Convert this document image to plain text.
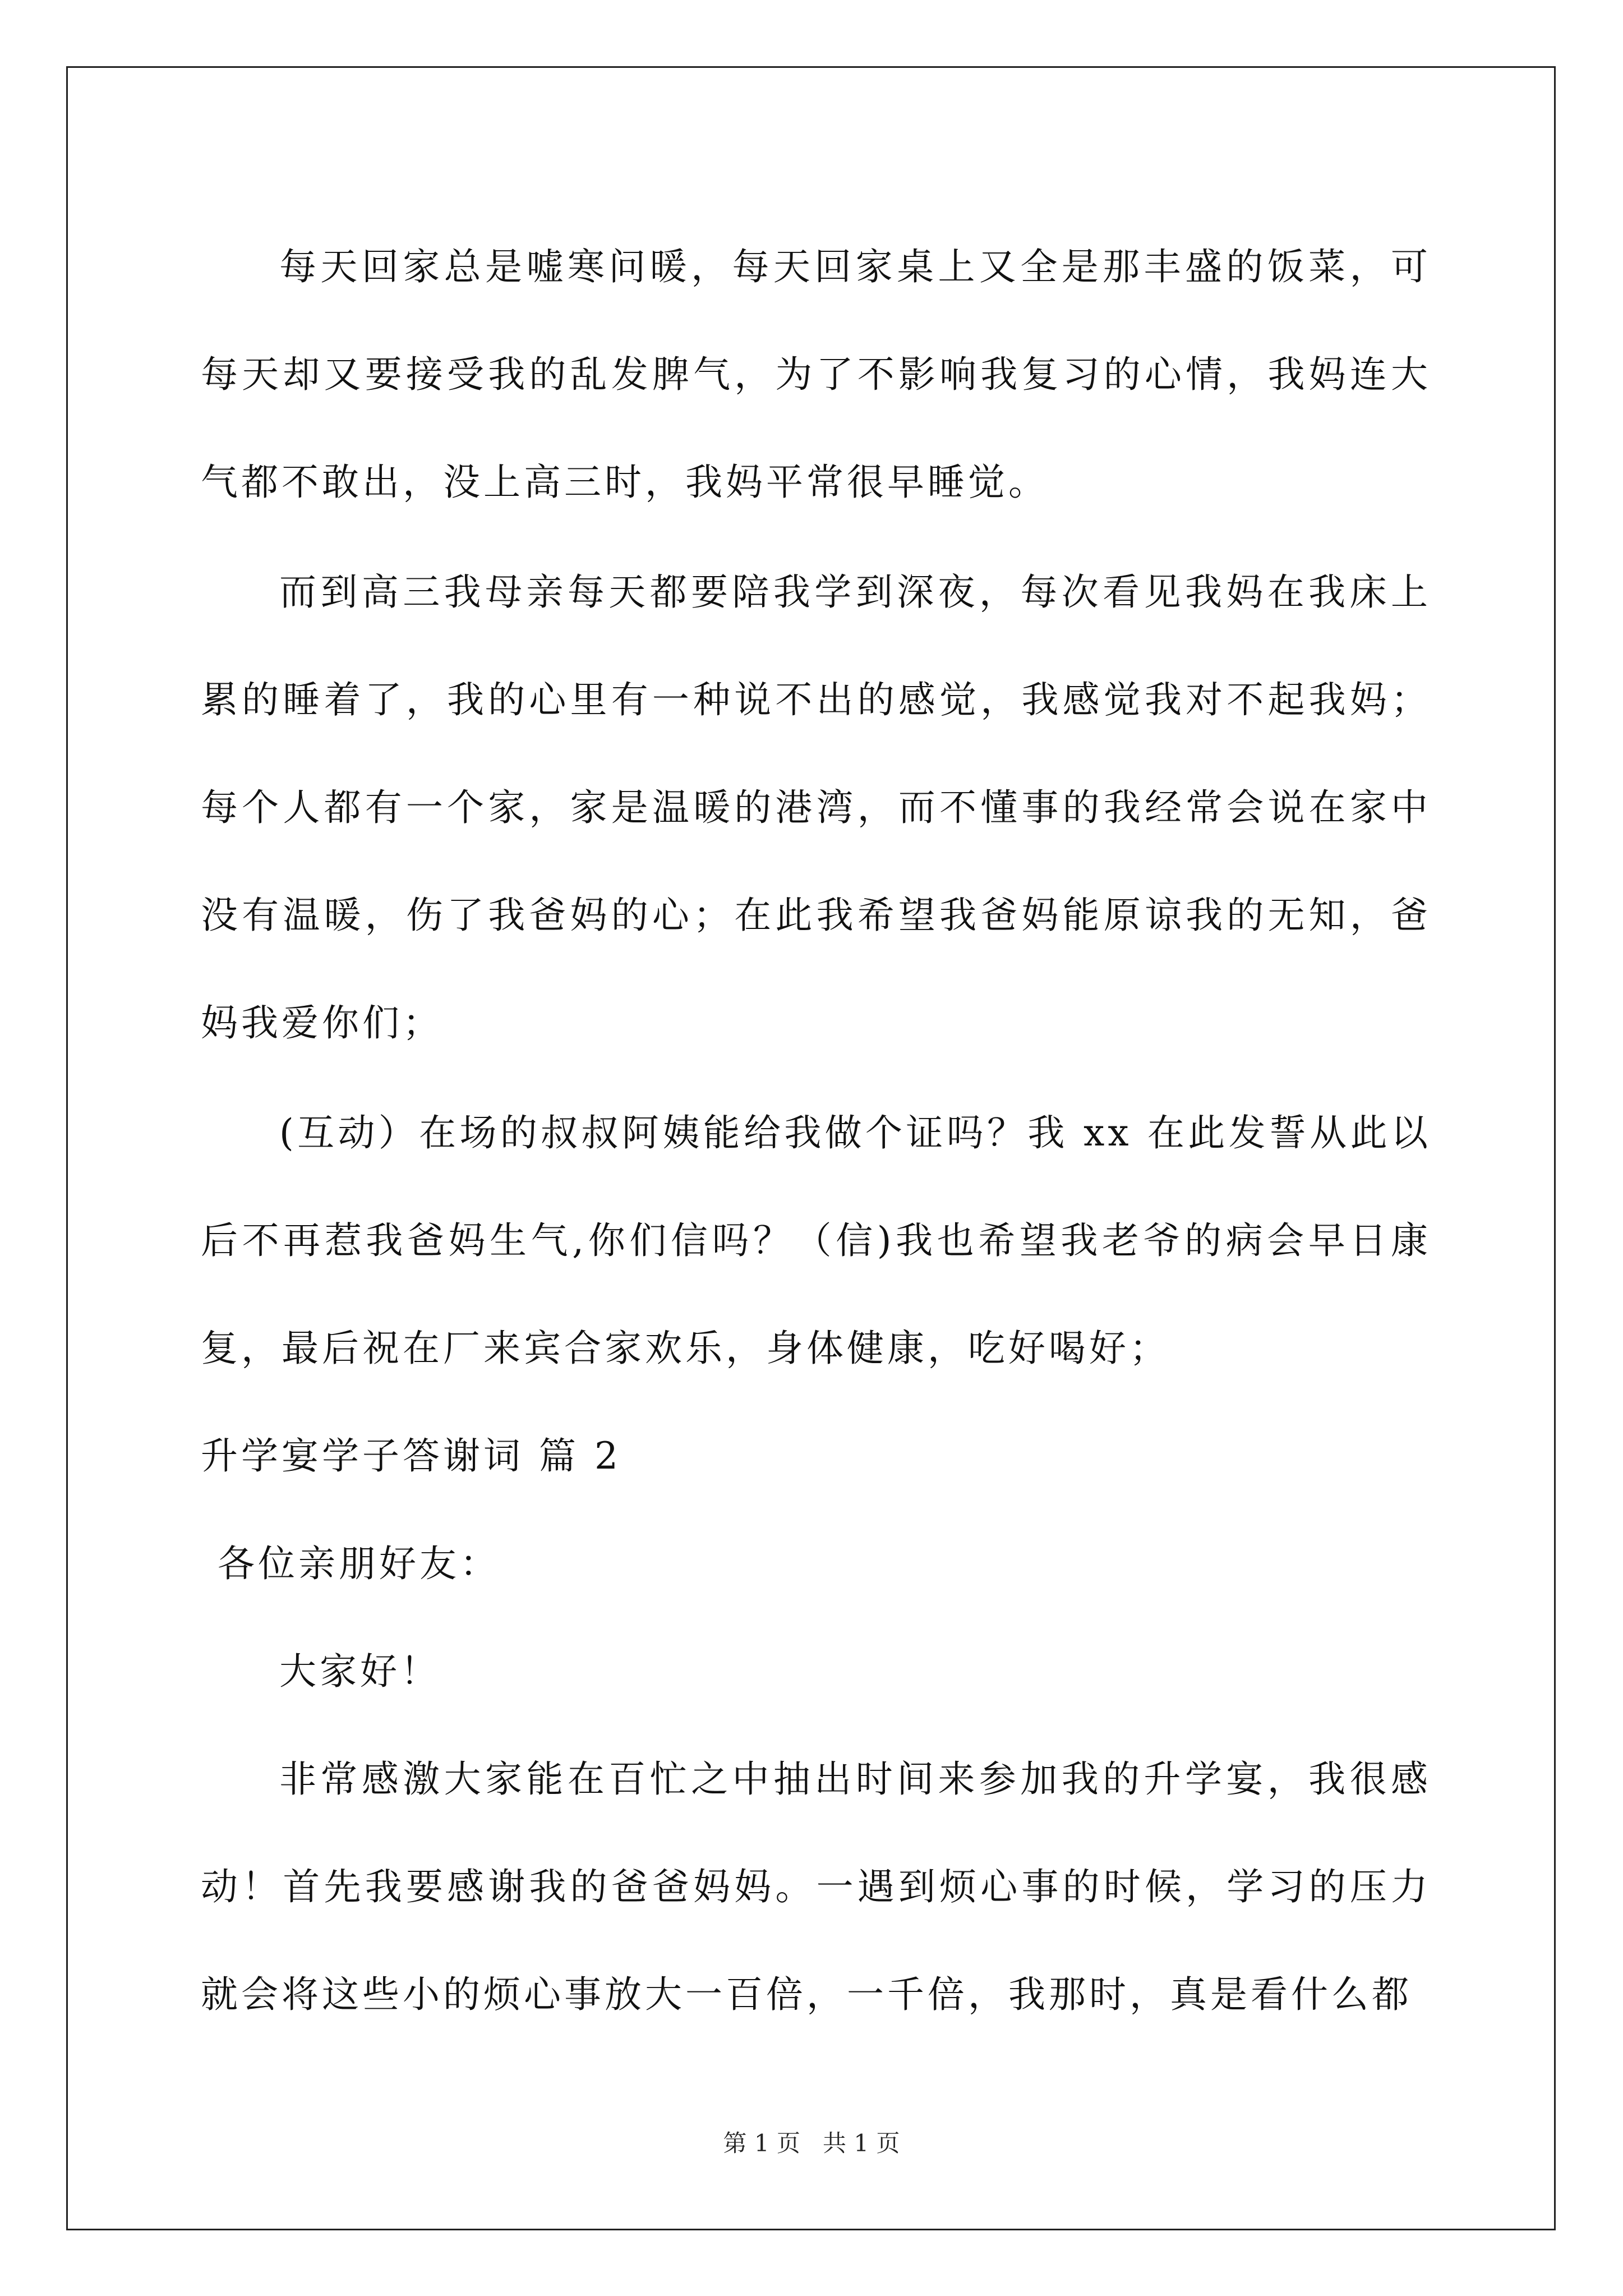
每天回家总是嘘寒问暖，每天回家桌上又全是那丰盛的饭菜，可每天却又要接受我的乱发脾气，为了不影响我复习的心情，我妈连大气都不敢出，没上高三时，我妈平常很早睡觉。

而到高三我母亲每天都要陪我学到深夜，每次看见我妈在我床上累的睡着了，我的心里有一种说不出的感觉，我感觉我对不起我妈；每个人都有一个家，家是温暖的港湾，而不懂事的我经常会说在家中没有温暖，伤了我爸妈的心；在此我希望我爸妈能原谅我的无知，爸妈我爱你们；

(互动）在场的叔叔阿姨能给我做个证吗？我 xx 在此发誓从此以后不再惹我爸妈生气,你们信吗？（信)我也希望我老爷的病会早日康复，最后祝在厂来宾合家欢乐，身体健康，吃好喝好；

升学宴学子答谢词 篇 2

各位亲朋好友：

大家好！

非常感激大家能在百忙之中抽出时间来参加我的升学宴，我很感动！首先我要感谢我的爸爸妈妈。一遇到烦心事的时候，学习的压力就会将这些小的烦心事放大一百倍，一千倍，我那时，真是看什么都

第 1 页   共 1 页
